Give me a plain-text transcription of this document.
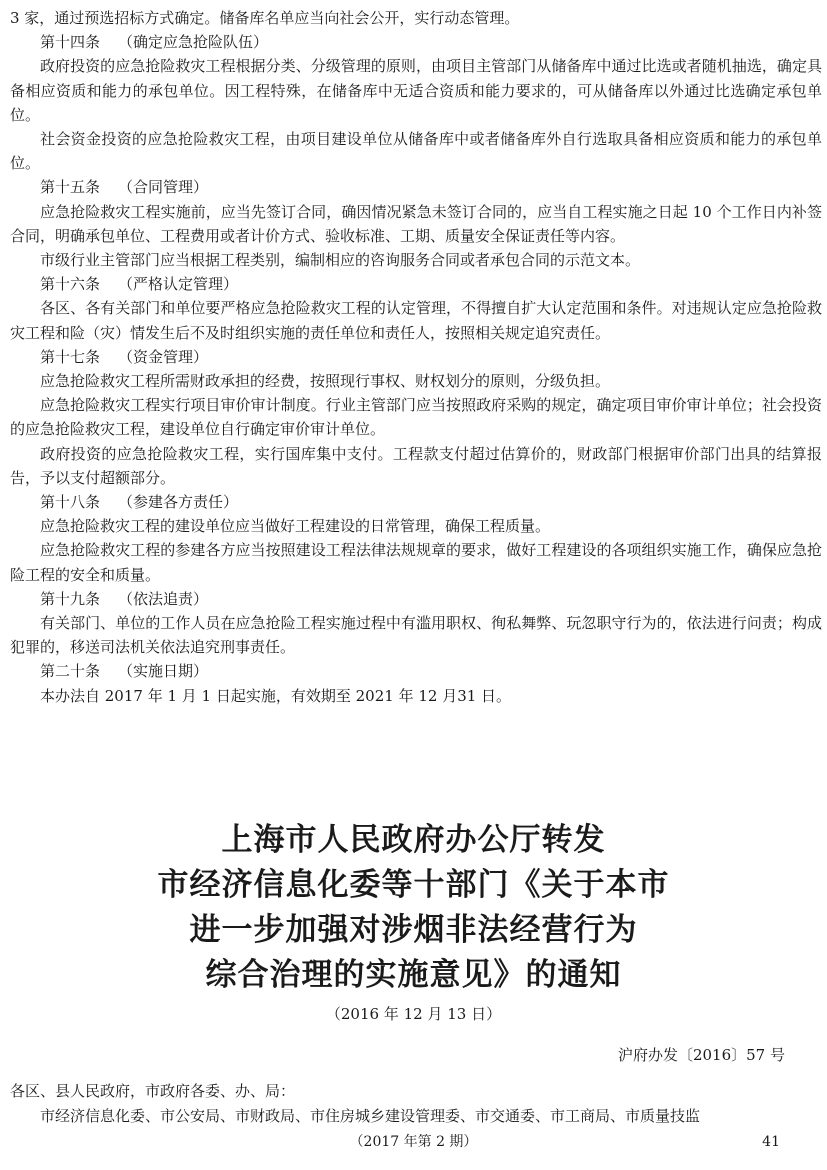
3 家，通过预选招标方式确定。储备库名单应当向社会公开，实行动态管理。
第十四条 （确定应急抢险队伍）
政府投资的应急抢险救灾工程根据分类、分级管理的原则，由项目主管部门从储备库中通过比选或者随机抽选，确定具备相应资质和能力的承包单位。因工程特殊，在储备库中无适合资质和能力要求的，可从储备库以外通过比选确定承包单位。
社会资金投资的应急抢险救灾工程，由项目建设单位从储备库中或者储备库外自行选取具备相应资质和能力的承包单位。
第十五条 （合同管理）
应急抢险救灾工程实施前，应当先签订合同，确因情况紧急未签订合同的，应当自工程实施之日起 10 个工作日内补签合同，明确承包单位、工程费用或者计价方式、验收标准、工期、质量安全保证责任等内容。
市级行业主管部门应当根据工程类别，编制相应的咨询服务合同或者承包合同的示范文本。
第十六条 （严格认定管理）
各区、各有关部门和单位要严格应急抢险救灾工程的认定管理，不得擅自扩大认定范围和条件。对违规认定应急抢险救灾工程和险（灾）情发生后不及时组织实施的责任单位和责任人，按照相关规定追究责任。
第十七条 （资金管理）
应急抢险救灾工程所需财政承担的经费，按照现行事权、财权划分的原则，分级负担。
应急抢险救灾工程实行项目审价审计制度。行业主管部门应当按照政府采购的规定，确定项目审价审计单位；社会投资的应急抢险救灾工程，建设单位自行确定审价审计单位。
政府投资的应急抢险救灾工程，实行国库集中支付。工程款支付超过估算价的，财政部门根据审价部门出具的结算报告，予以支付超额部分。
第十八条 （参建各方责任）
应急抢险救灾工程的建设单位应当做好工程建设的日常管理，确保工程质量。
应急抢险救灾工程的参建各方应当按照建设工程法律法规规章的要求，做好工程建设的各项组织实施工作，确保应急抢险工程的安全和质量。
第十九条 （依法追责）
有关部门、单位的工作人员在应急抢险工程实施过程中有滥用职权、徇私舞弊、玩忽职守行为的，依法进行问责；构成犯罪的，移送司法机关依法追究刑事责任。
第二十条 （实施日期）
本办法自 2017 年 1 月 1 日起实施，有效期至 2021 年 12 月31 日。
上海市人民政府办公厅转发
市经济信息化委等十部门《关于本市
进一步加强对涉烟非法经营行为
综合治理的实施意见》的通知
（2016 年 12 月 13 日）
沪府办发〔2016〕57 号
各区、县人民政府，市政府各委、办、局：
市经济信息化委、市公安局、市财政局、市住房城乡建设管理委、市交通委、市工商局、市质量技监
（2017 年第 2 期）	41
